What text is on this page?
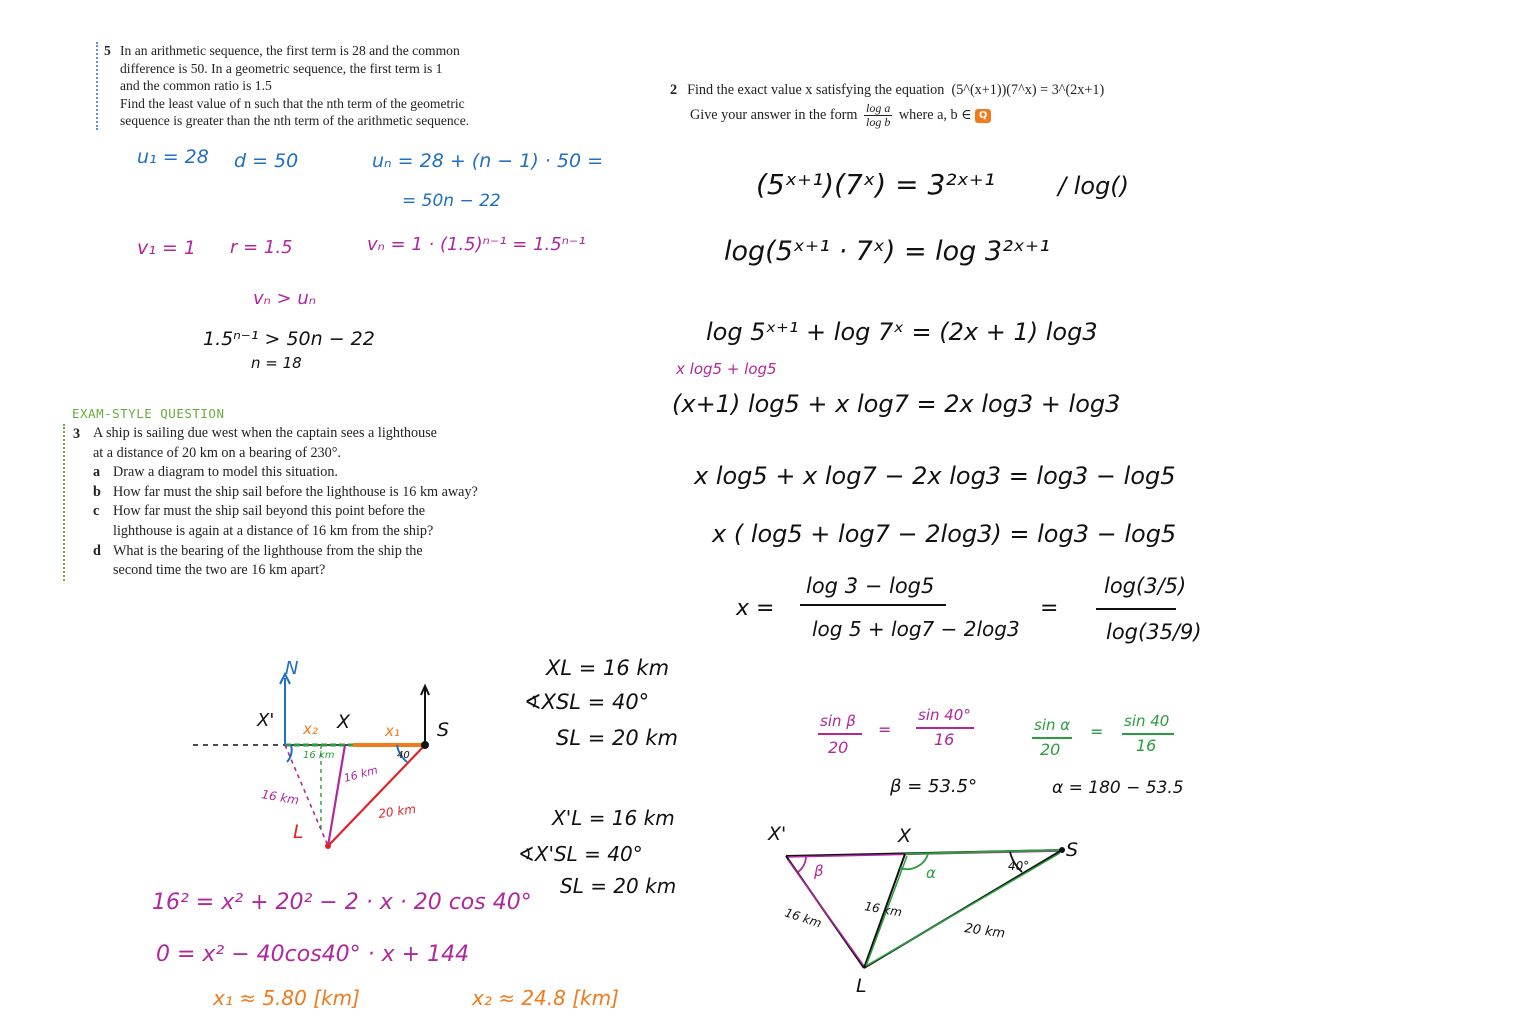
5 In an arithmetic sequence, the first term is 28 and the common
difference is 50. In a geometric sequence, the first term is 1
and the common ratio is 1.5
Find the least value of n such that the nth term of the geometric
sequence is greater than the nth term of the arithmetic sequence.
2 Find the exact value x satisfying the equation (5^(x+1))(7^x) = 3^(2x+1)
Give your answer in the form $\frac{\text{log a}}{\text{log b}}$ where a, b ∈ Q
EXAM-STYLE QUESTION
3 A ship is sailing due west when the captain sees a lighthouse
at a distance of 20 km on a bearing of 230°.
a Draw a diagram to model this situation.
b How far must the ship sail before the lighthouse is 16 km away?
c How far must the ship sail beyond this point before the lighthouse is again at a distance of 16 km from the ship?
d What is the bearing of the lighthouse from the ship the second time the two are 16 km apart?
u₁ = 28 d = 50	uₙ = 28 + (n − 1) · 50 =
= 50n − 22
v₁ = 1 r = 1.5	vₙ = 1 · (1.5)ⁿ⁻¹ = 1.5ⁿ⁻¹
vₙ > uₙ
1.5ⁿ⁻¹ > 50n − 22
n = 18
(5ˣ⁺¹)(7ˣ) = 3²ˣ⁺¹	/ log()
log(5ˣ⁺¹ · 7ˣ) = log 3²ˣ⁺¹
log 5ˣ⁺¹ + log 7ˣ = (2x + 1) log3
x log5 + log5
(x+1) log5 + x log7 = 2x log3 + log3
x log5 + x log7 − 2x log3 = log3 − log5
x ( log5 + log7 − 2log3) = log3 − log5
x =
log 3 − log5
log 5 + log7 − 2log3
=
log(3/5)
log(35/9)
XL = 16 km
∢XSL = 40°
SL = 20 km
X'L = 16 km
∢X'SL = 40°
SL = 20 km
16² = x² + 20² − 2 · x · 20 cos 40°
0 = x² − 40cos40° · x + 144
x₁ ≈ 5.80 [km]	x₂ ≈ 24.8 [km]
sin β
20
=
sin 40°
16
sin α
20
=
sin 40
16
β = 53.5°	α = 180 − 53.5
N
X' x₂ X x₁ S
L
16 km
16 km
20 km
40
16 km
X'	X
S
L
β	α	40°
16 km	16 km
20 km
